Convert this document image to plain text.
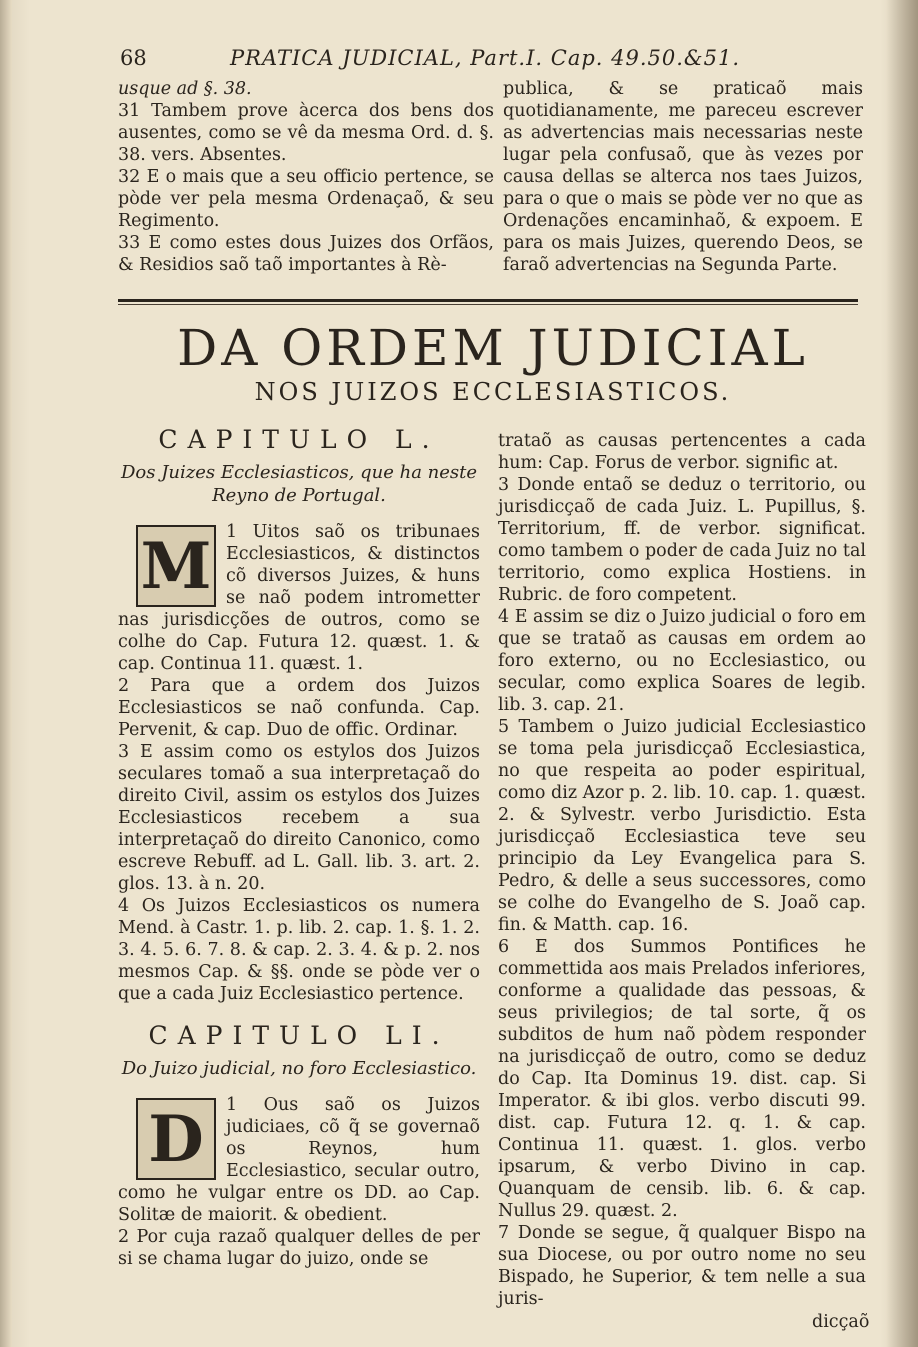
68	PRATICA JUDICIAL, Part.I. Cap. 49.50.&51.

usque ad §. 38.

31 Tambem prove àcerca dos bens dos ausentes, como se vê da mesma Ord. d. §. 38. vers. Absentes.

32 E o mais que a seu officio pertence, se pòde ver pela mesma Ordenaçaõ, & seu Regimento.

33 E como estes dous Juizes dos Orfãos, & Residios saõ taõ importantes à Rè-

publica, & se praticaõ mais quotidianamente, me pareceu escrever as advertencias mais necessarias neste lugar pela confusaõ, que às vezes por causa dellas se alterca nos taes Juizos, para o que o mais se pòde ver no que as Ordenações encaminhaõ, & expoem. E para os mais Juizes, querendo Deos, se faraõ advertencias na Segunda Parte.

DA ORDEM JUDICIAL
NOS JUIZOS ECCLESIASTICOS.
CAPITULO L.
Dos Juizes Ecclesiasticos, que ha neste Reyno de Portugal.
M 1 Uitos saõ os tribunaes Ecclesiasticos, & distinctos cõ diversos Juizes, & huns se naõ podem intrometter nas jurisdicções de outros, como se colhe do Cap. Futura 12. quæst. 1. & cap. Continua 11. quæst. 1.

2 Para que a ordem dos Juizos Ecclesiasticos se naõ confunda. Cap. Pervenit, & cap. Duo de offic. Ordinar.

3 E assim como os estylos dos Juizos seculares tomaõ a sua interpretaçaõ do direito Civil, assim os estylos dos Juizes Ecclesiasticos recebem a sua interpretaçaõ do direito Canonico, como escreve Rebuff. ad L. Gall. lib. 3. art. 2. glos. 13. à n. 20.

4 Os Juizos Ecclesiasticos os numera Mend. à Castr. 1. p. lib. 2. cap. 1. §. 1. 2. 3. 4. 5. 6. 7. 8. & cap. 2. 3. 4. & p. 2. nos mesmos Cap. & §§. onde se pòde ver o que a cada Juiz Ecclesiastico pertence.

CAPITULO LI.
Do Juizo judicial, no foro Ecclesiastico.
D	1 Ous saõ os Juizos judiciaes, cõ q̃ se governaõ os Reynos, hum Ecclesiastico, secular outro, como he vulgar entre os DD. ao Cap. Solitæ de maiorit. & obedient.

2 Por cuja razaõ qualquer delles de per si se chama lugar do juizo, onde se

trataõ as causas pertencentes a cada hum: Cap. Forus de verbor. signific at.

3 Donde entaõ se deduz o territorio, ou jurisdicçaõ de cada Juiz. L. Pupillus, §. Territorium, ff. de verbor. significat. como tambem o poder de cada Juiz no tal territorio, como explica Hostiens. in Rubric. de foro competent.

4 E assim se diz o Juizo judicial o foro em que se trataõ as causas em ordem ao foro externo, ou no Ecclesiastico, ou secular, como explica Soares de legib. lib. 3. cap. 21.

5 Tambem o Juizo judicial Ecclesiastico se toma pela jurisdicçaõ Ecclesiastica, no que respeita ao poder espiritual, como diz Azor p. 2. lib. 10. cap. 1. quæst. 2. & Sylvestr. verbo Jurisdictio. Esta jurisdicçaõ Ecclesiastica teve seu principio da Ley Evangelica para S. Pedro, & delle a seus successores, como se colhe do Evangelho de S. Joaõ cap. fin. & Matth. cap. 16.

6 E dos Summos Pontifices he commettida aos mais Prelados inferiores, conforme a qualidade das pessoas, & seus privilegios; de tal sorte, q̃ os subditos de hum naõ pòdem responder na jurisdicçaõ de outro, como se deduz do Cap. Ita Dominus 19. dist. cap. Si Imperator. & ibi glos. verbo discuti 99. dist. cap. Futura 12. q. 1. & cap. Continua 11. quæst. 1. glos. verbo ipsarum, & verbo Divino in cap. Quanquam de censib. lib. 6. & cap. Nullus 29. quæst. 2.

7 Donde se segue, q̃ qualquer Bispo na sua Diocese, ou por outro nome no seu Bispado, he Superior, & tem nelle a sua juris-

dicçaõ
